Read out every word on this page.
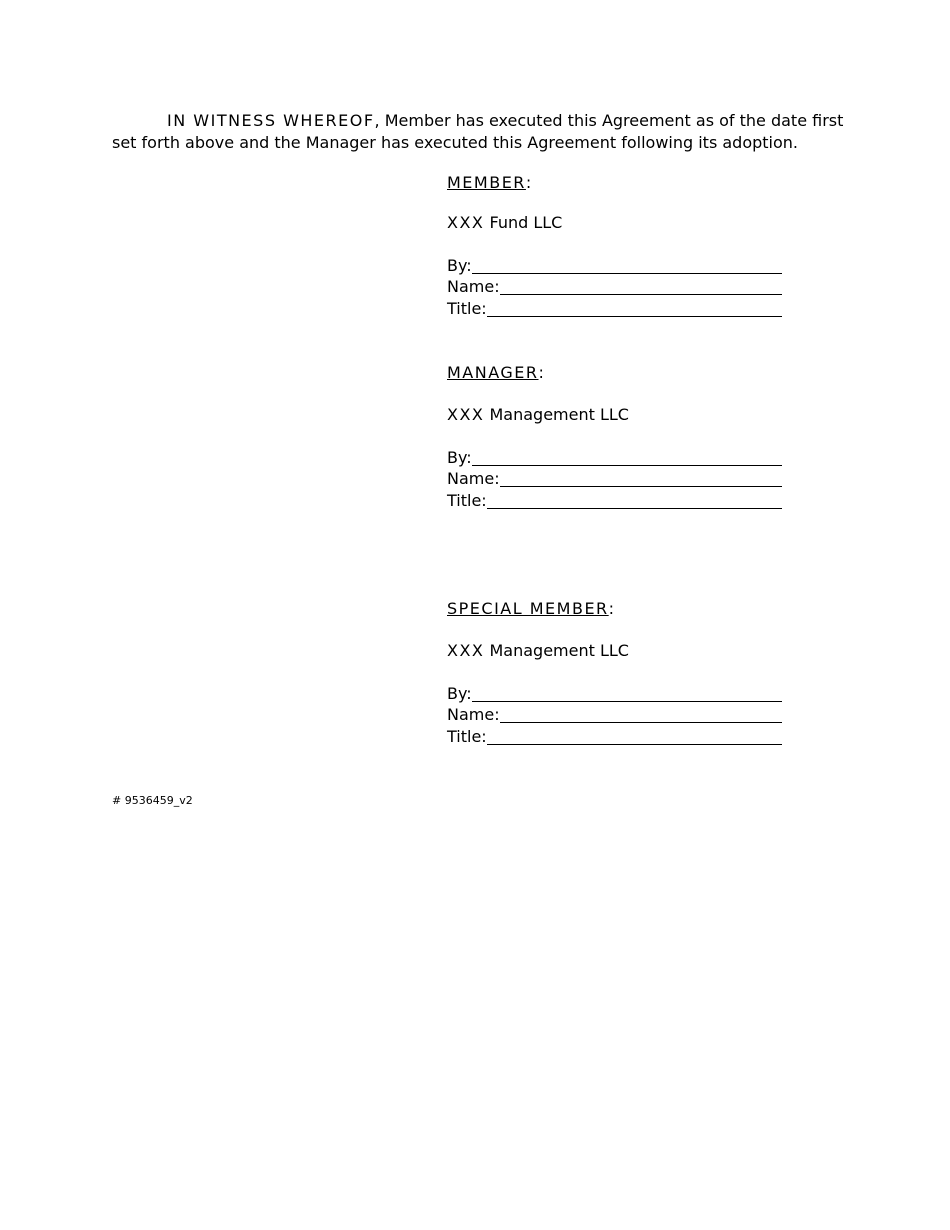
IN WITNESS WHEREOF, Member has executed this Agreement as of the date first set forth above and the Manager has executed this Agreement following its adoption.

MEMBER:
XXX Fund LLC
By:
Name:
Title:
MANAGER:
XXX Management LLC
By:
Name:
Title:
SPECIAL MEMBER:
XXX Management LLC
By:
Name:
Title:
# 9536459_v2
